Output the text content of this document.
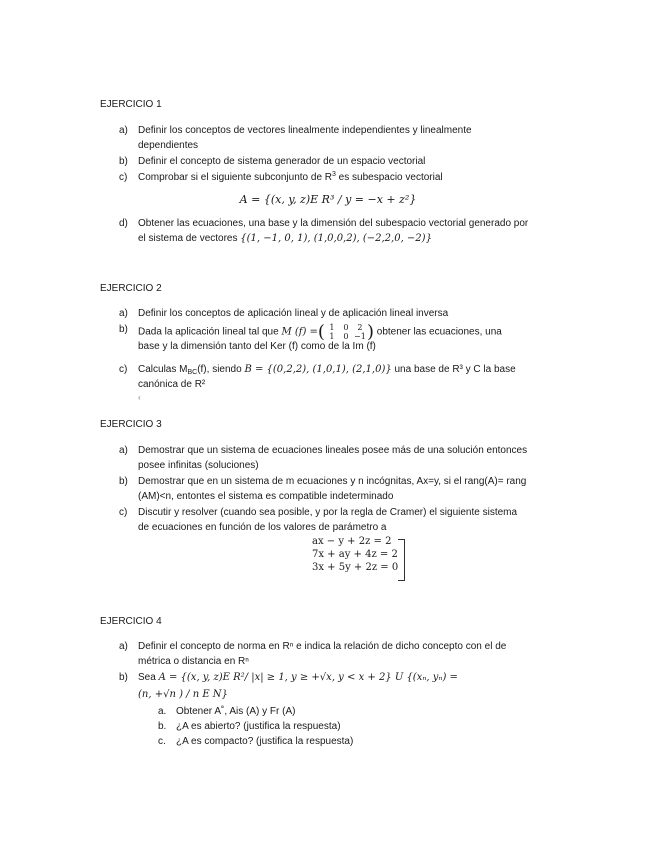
EJERCICIO 1
a) Definir los conceptos de vectores linealmente independientes y linealmente
dependientes
b) Definir el concepto de sistema generador de un espacio vectorial
c) Comprobar si el siguiente subconjunto de $R^3$ es subespacio vectorial
A = {(x, y, z)E R³ / y = −x + z²}
d) Obtener las ecuaciones, una base y la dimensión del subespacio vectorial generado por
el sistema de vectores {(1, −1, 0, 1), (1,0,0,2), (−2,2,0, −2)}
EJERCICIO 2
a) Definir los conceptos de aplicación lineal y de aplicación lineal inversa
b) Dada la aplicación lineal tal que M (f) =( 1 0 2
1 0 −1 ) obtener las ecuaciones, una
base y la dimensión tanto del Ker (f) como de la Im (f)
c) Calculas $M_{BC}(f)$, siendo B = {(0,2,2), (1,0,1), (2,1,0)} una base de R³ y C la base
canónica de R²
‹
EJERCICIO 3
a) Demostrar que un sistema de ecuaciones lineales posee más de una solución entonces
posee infinitas (soluciones)
b) Demostrar que en un sistema de m ecuaciones y n incógnitas, Ax=y, si el rang(A)= rang
(AM)<n, entontes el sistema es compatible indeterminado
c) Discutir y resolver (cuando sea posible, y por la regla de Cramer) el siguiente sistema
de ecuaciones en función de los valores de parámetro a
ax − y + 2z = 2
7x + ay + 4z = 2
3x + 5y + 2z = 0
EJERCICIO 4
a) Definir el concepto de norma en Rⁿ e indica la relación de dicho concepto con el de
métrica o distancia en Rⁿ
b) Sea A = {(x, y, z)E R²/ |x| ≥ 1, y ≥ +√x, y < x + 2} U {(xₙ, yₙ) =
(n, +√n ) / n E N}
a. Obtener A˚, Ais (A) y Fr (A)
b. ¿A es abierto? (justifica la respuesta)
c. ¿A es compacto? (justifica la respuesta)
